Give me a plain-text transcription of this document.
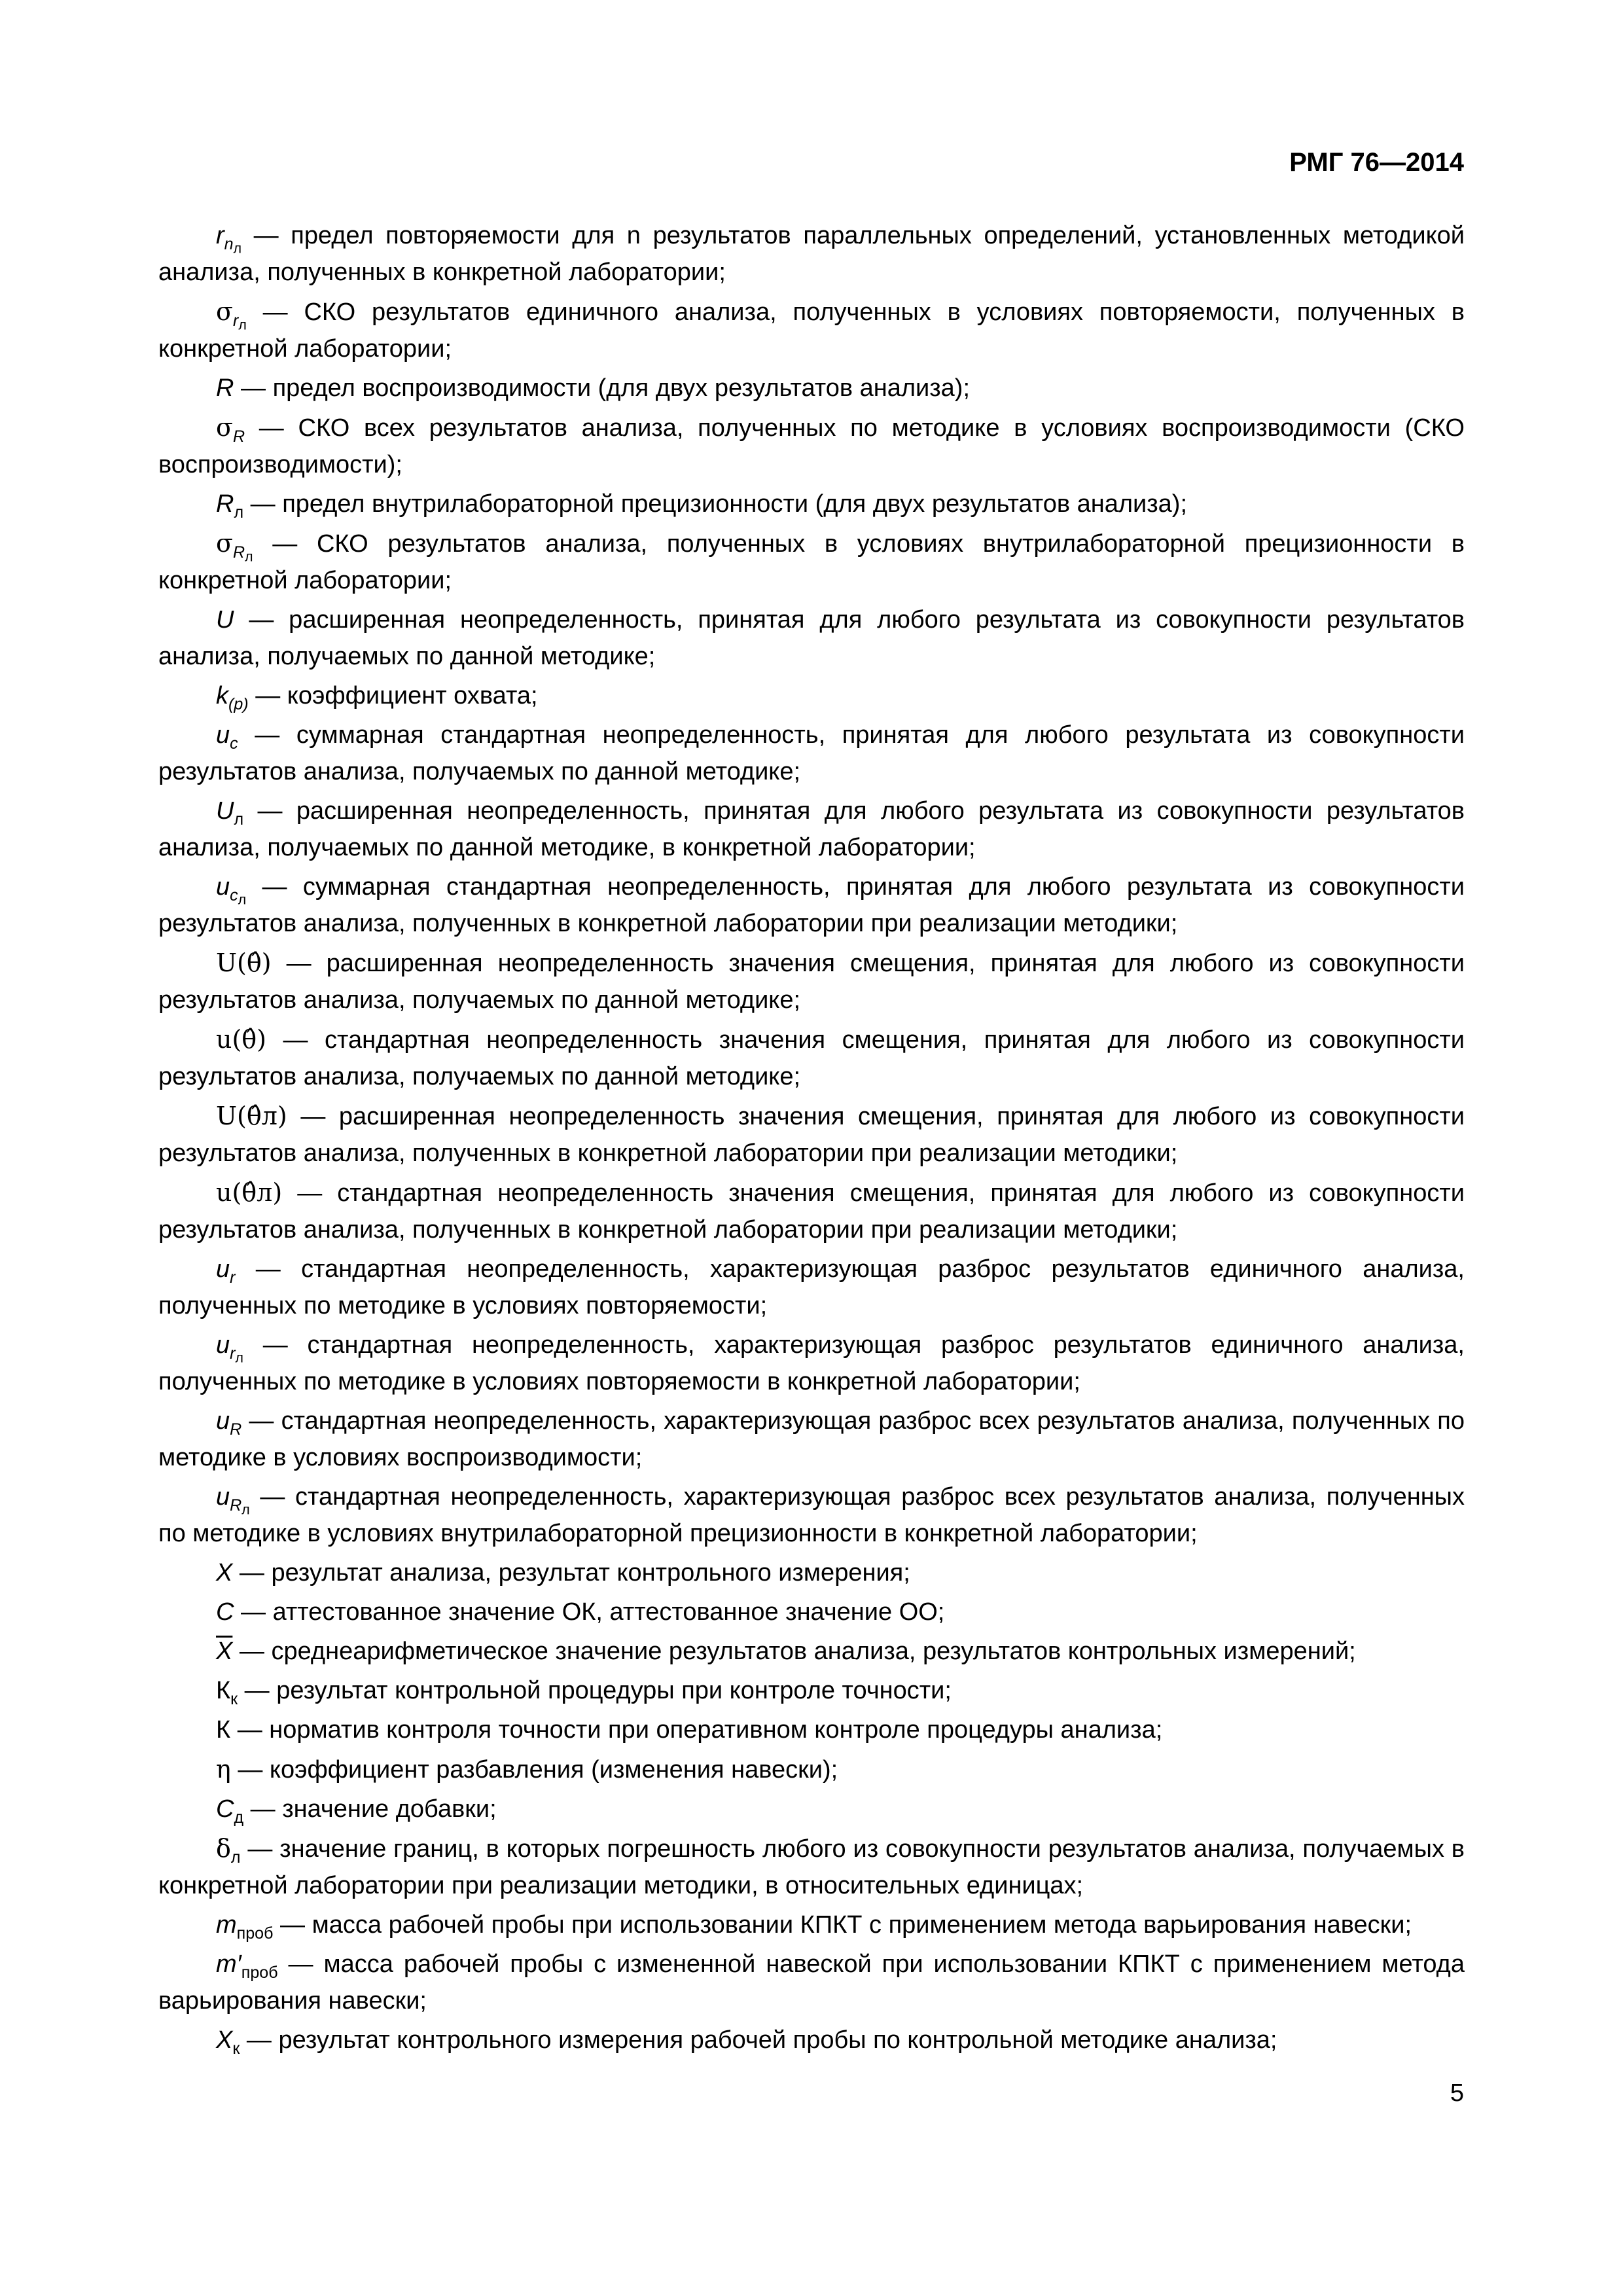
РМГ 76—2014

$r_{n_л}$ — предел повторяемости для n результатов параллельных определений, установленных методикой анализа, полученных в конкретной лаборатории;

$\sigma_{r_л}$ — СКО результатов единичного анализа, полученных в условиях повторяемости, полученных в конкретной лаборатории;

R — предел воспроизводимости (для двух результатов анализа);

$\sigma_R$ — СКО всех результатов анализа, полученных по методике в условиях воспроизводимости (СКО воспроизводимости);

$R_л$ — предел внутрилабораторной прецизионности (для двух результатов анализа);

$\sigma_{R_л}$ — СКО результатов анализа, полученных в условиях внутрилабораторной прецизионности в конкретной лаборатории;

U — расширенная неопределенность, принятая для любого результата из совокупности результатов анализа, получаемых по данной методике;

$k_{(p)}$ — коэффициент охвата;

$u_c$ — суммарная стандартная неопределенность, принятая для любого результата из совокупности результатов анализа, получаемых по данной методике;

$U_л$ — расширенная неопределенность, принятая для любого результата из совокупности результатов анализа, получаемых по данной методике, в конкретной лаборатории;

$u_{c_л}$ — суммарная стандартная неопределенность, принятая для любого результата из совокупности результатов анализа, полученных в конкретной лаборатории при реализации методики;

U(θ̂) — расширенная неопределенность значения смещения, принятая для любого из совокупности результатов анализа, получаемых по данной методике;

u(θ̂) — стандартная неопределенность значения смещения, принятая для любого из совокупности результатов анализа, получаемых по данной методике;

U(θ̂л) — расширенная неопределенность значения смещения, принятая для любого из совокупности результатов анализа, полученных в конкретной лаборатории при реализации методики;

u(θ̂л) — стандартная неопределенность значения смещения, принятая для любого из совокупности результатов анализа, полученных в конкретной лаборатории при реализации методики;

$u_r$ — стандартная неопределенность, характеризующая разброс результатов единичного анализа, полученных по методике в условиях повторяемости;

$u_{r_л}$ — стандартная неопределенность, характеризующая разброс результатов единичного анализа, полученных по методике в условиях повторяемости в конкретной лаборатории;

$u_R$ — стандартная неопределенность, характеризующая разброс всех результатов анализа, полученных по методике в условиях воспроизводимости;

$u_{R_л}$ — стандартная неопределенность, характеризующая разброс всех результатов анализа, полученных по методике в условиях внутрилабораторной прецизионности в конкретной лаборатории;

X — результат анализа, результат контрольного измерения;

C — аттестованное значение ОК, аттестованное значение ОО;

$\overline{X}$ — среднеарифметическое значение результатов анализа, результатов контрольных измерений;

$К_к$ — результат контрольной процедуры при контроле точности;

К — норматив контроля точности при оперативном контроле процедуры анализа;

η — коэффициент разбавления (изменения навески);

$C_д$ — значение добавки;

$\delta_л$ — значение границ, в которых погрешность любого из совокупности результатов анализа, получаемых в конкретной лаборатории при реализации методики, в относительных единицах;

$m_{проб}$ — масса рабочей пробы при использовании КПКТ с применением метода варьирования навески;

$m'_{проб}$ — масса рабочей пробы с измененной навеской при использовании КПКТ с применением метода варьирования навески;

$X_к$ — результат контрольного измерения рабочей пробы по контрольной методике анализа;

5
